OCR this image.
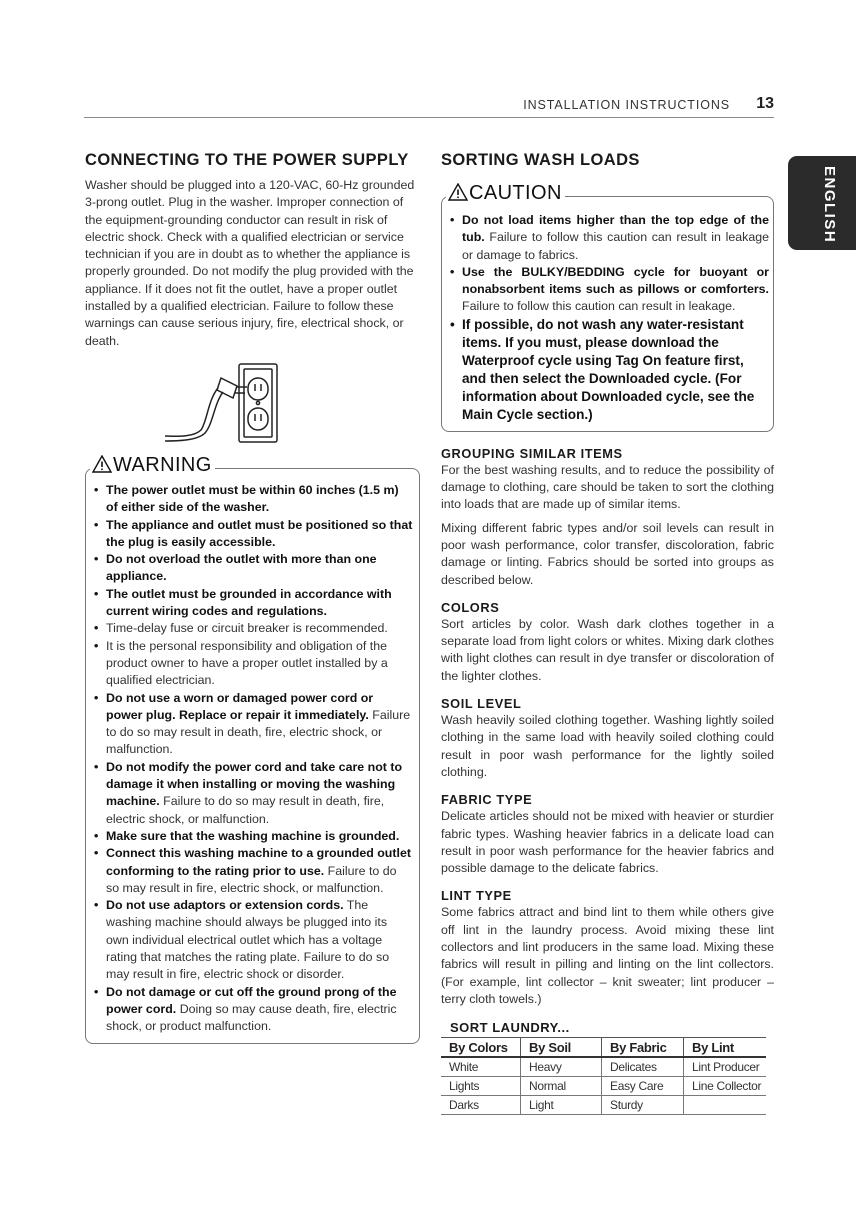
INSTALLATION INSTRUCTIONS 13
ENGLISH
CONNECTING TO THE POWER SUPPLY

Washer should be plugged into a 120-VAC, 60-Hz grounded 3-prong outlet. Plug in the washer. Improper connection of the equipment-grounding conductor can result in risk of electric shock. Check with a qualified electrician or service technician if you are in doubt as to whether the appliance is properly grounded. Do not modify the plug provided with the appliance. If it does not fit the outlet, have a proper outlet installed by a qualified electrician. Failure to follow these warnings can cause serious injury, fire, electrical shock, or death.

WARNING
• The power outlet must be within 60 inches (1.5 m) of either side of the washer.
• The appliance and outlet must be positioned so that the plug is easily accessible.
• Do not overload the outlet with more than one appliance.
• The outlet must be grounded in accordance with current wiring codes and regulations.
• Time-delay fuse or circuit breaker is recommended.
• It is the personal responsibility and obligation of the product owner to have a proper outlet installed by a qualified electrician.
• Do not use a worn or damaged power cord or power plug. Replace or repair it immediately. Failure to do so may result in death, fire, electric shock, or malfunction.
• Do not modify the power cord and take care not to damage it when installing or moving the washing machine. Failure to do so may result in death, fire, electric shock, or malfunction.
• Make sure that the washing machine is grounded.
• Connect this washing machine to a grounded outlet conforming to the rating prior to use. Failure to do so may result in fire, electric shock, or malfunction.
• Do not use adaptors or extension cords. The washing machine should always be plugged into its own individual electrical outlet which has a voltage rating that matches the rating plate. Failure to do so may result in fire, electric shock or disorder.
• Do not damage or cut off the ground prong of the power cord. Doing so may cause death, fire, electric shock, or product malfunction.
SORTING WASH LOADS
CAUTION
• Do not load items higher than the top edge of the tub. Failure to follow this caution can result in leakage or damage to fabrics.
• Use the BULKY/BEDDING cycle for buoyant or nonabsorbent items such as pillows or comforters. Failure to follow this caution can result in leakage.
• If possible, do not wash any water-resistant items. If you must, please download the Waterproof cycle using Tag On feature first, and then select the Downloaded cycle. (For information about Downloaded cycle, see the Main Cycle section.)
GROUPING SIMILAR ITEMS

For the best washing results, and to reduce the possibility of damage to clothing, care should be taken to sort the clothing into loads that are made up of similar items.

Mixing different fabric types and/or soil levels can result in poor wash performance, color transfer, discoloration, fabric damage or linting. Fabrics should be sorted into groups as described below.

COLORS

Sort articles by color. Wash dark clothes together in a separate load from light colors or whites. Mixing dark clothes with light clothes can result in dye transfer or discoloration of the lighter clothes.

SOIL LEVEL

Wash heavily soiled clothing together. Washing lightly soiled clothing in the same load with heavily soiled clothing could result in poor wash performance for the lightly soiled clothing.

FABRIC TYPE

Delicate articles should not be mixed with heavier or sturdier fabric types. Washing heavier fabrics in a delicate load can result in poor wash performance for the heavier fabrics and possible damage to the delicate fabrics.

LINT TYPE

Some fabrics attract and bind lint to them while others give off lint in the laundry process. Avoid mixing these lint collectors and lint producers in the same load. Mixing these fabrics will result in pilling and linting on the lint collectors. (For example, lint collector – knit sweater; lint producer – terry cloth towels.)

SORT LAUNDRY...
By Colors	By Soil	By Fabric	By Lint
White	Heavy	Delicates	Lint Producer
Lights	Normal	Easy Care	Line Collector
Darks	Light	Sturdy	
